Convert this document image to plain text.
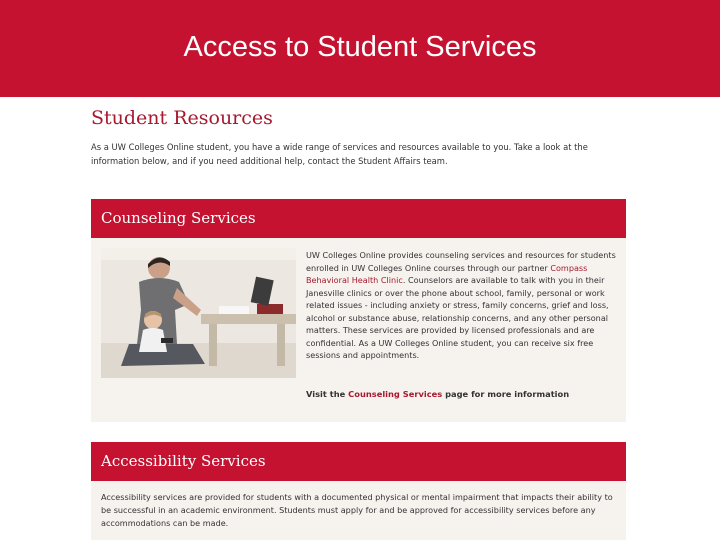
Access to Student Services
Student Resources
As a UW Colleges Online student, you have a wide range of services and resources available to you. Take a look at the information below, and if you need additional help, contact the Student Affairs team.
Counseling Services
UW Colleges Online provides counseling services and resources for students enrolled in UW Colleges Online courses through our partner Compass Behavioral Health Clinic. Counselors are available to talk with you in their Janesville clinics or over the phone about school, family, personal or work related issues - including anxiety or stress, family concerns, grief and loss, alcohol or substance abuse, relationship concerns, and any other personal matters. These services are provided by licensed professionals and are confidential. As a UW Colleges Online student, you can receive six free sessions and appointments.
Visit the Counseling Services page for more information
Accessibility Services
Accessibility services are provided for students with a documented physical or mental impairment that impacts their ability to be successful in an academic environment. Students must apply for and be approved for accessibility services before any accommodations can be made.
